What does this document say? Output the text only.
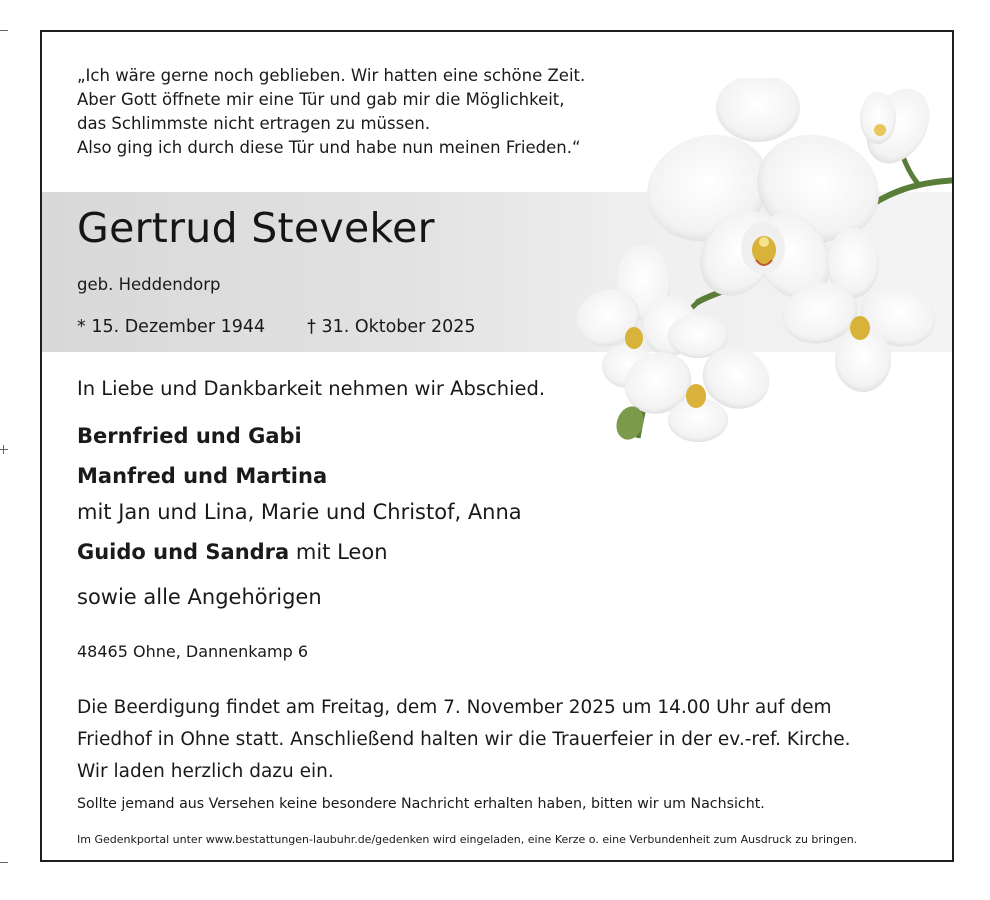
„Ich wäre gerne noch geblieben. Wir hatten eine schöne Zeit.
Aber Gott öffnete mir eine Tür und gab mir die Möglichkeit,
das Schlimmste nicht ertragen zu müssen.
Also ging ich durch diese Tür und habe nun meinen Frieden.“
Gertrud Steveker
geb. Heddendorp
* 15. Dezember 1944 † 31. Oktober 2025
In Liebe und Dankbarkeit nehmen wir Abschied.
Bernfried und Gabi
Manfred und Martina
mit Jan und Lina, Marie und Christof, Anna
Guido und Sandra mit Leon
sowie alle Angehörigen
48465 Ohne, Dannenkamp 6
Die Beerdigung findet am Freitag, dem 7. November 2025 um 14.00 Uhr auf dem
Friedhof in Ohne statt. Anschließend halten wir die Trauerfeier in der ev.-ref. Kirche.
Wir laden herzlich dazu ein.
Sollte jemand aus Versehen keine besondere Nachricht erhalten haben, bitten wir um Nachsicht.
Im Gedenkportal unter www.bestattungen-laubuhr.de/gedenken wird eingeladen, eine Kerze o. eine Verbundenheit zum Ausdruck zu bringen.
